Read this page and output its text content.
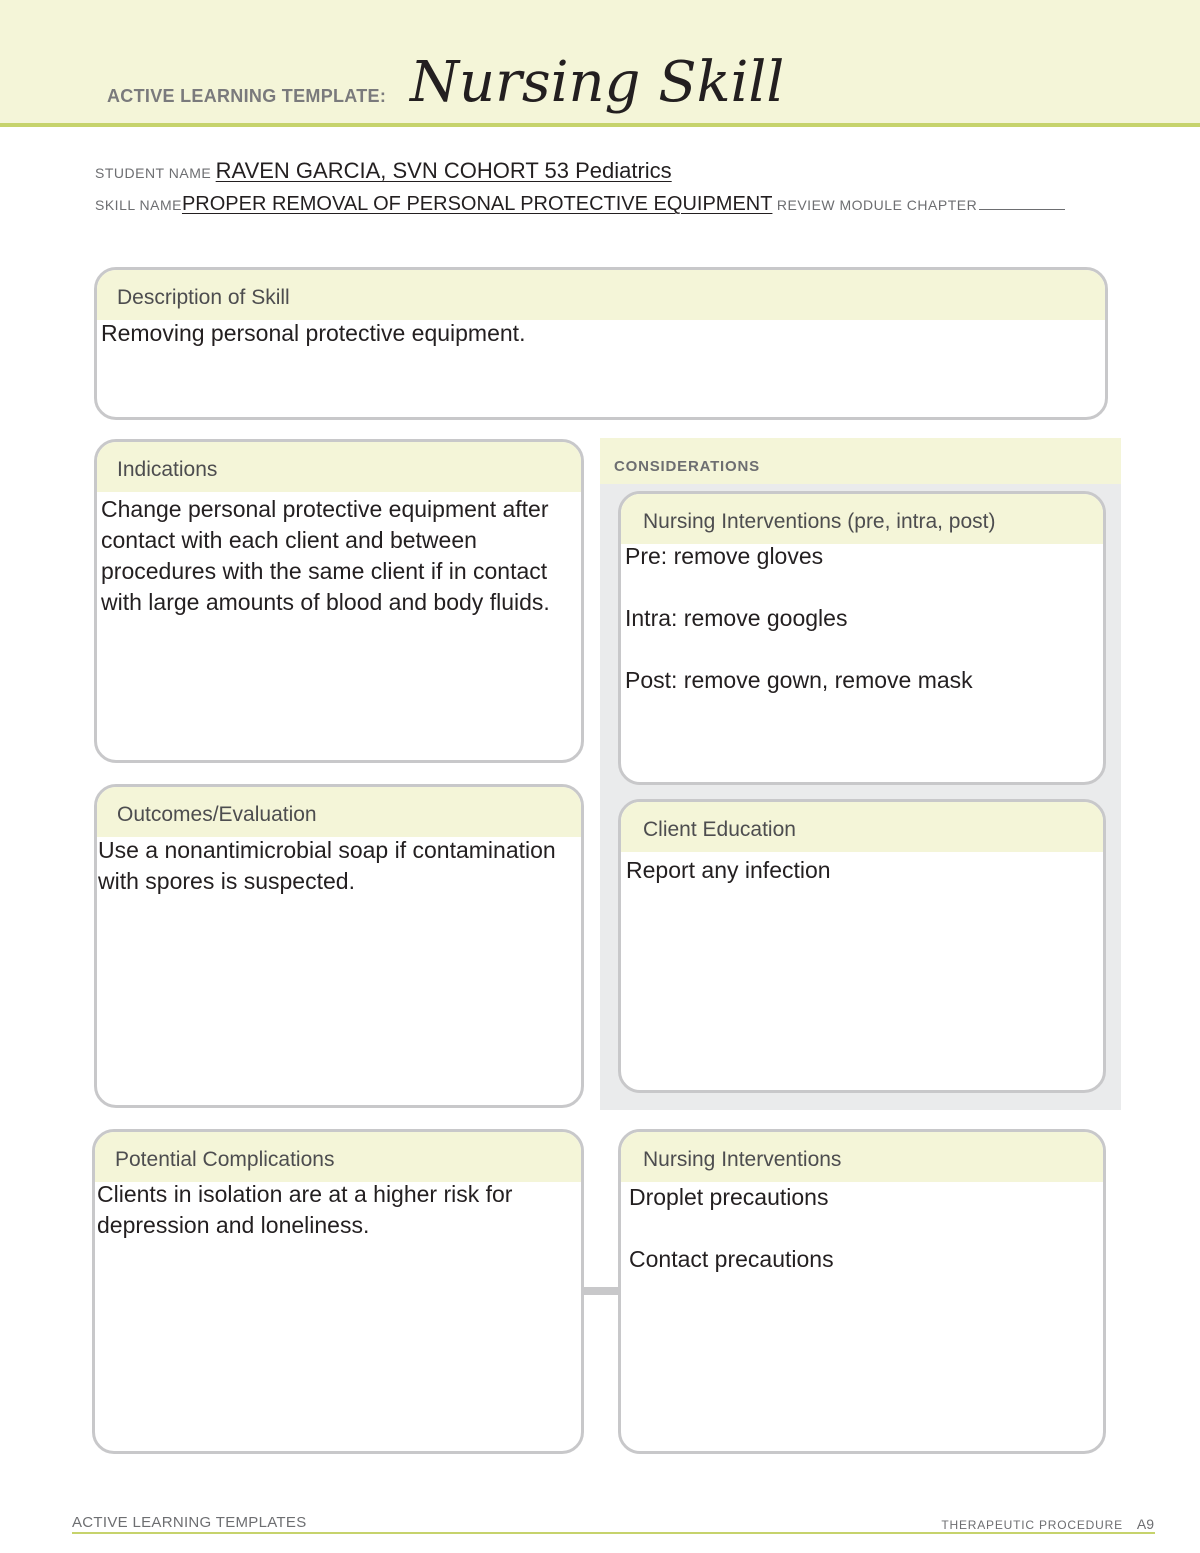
ACTIVE LEARNING TEMPLATE: Nursing Skill
STUDENT NAME RAVEN GARCIA, SVN COHORT 53 Pediatrics
SKILL NAMEPROPER REMOVAL OF PERSONAL PROTECTIVE EQUIPMENT REVIEW MODULE CHAPTER
Description of Skill
Removing personal protective equipment.
CONSIDERATIONS
Indications
Change personal protective equipment after contact with each client and between procedures with the same client if in contact with large amounts of blood and body fluids.
Nursing Interventions (pre, intra, post)
Pre: remove gloves

Intra: remove googles

Post: remove gown, remove mask
Outcomes/Evaluation
Use a nonantimicrobial soap if contamination with spores is suspected.
Client Education
Report any infection
Potential Complications
Clients in isolation are at a higher risk for depression and loneliness.
Nursing Interventions
Droplet precautions

Contact precautions
ACTIVE LEARNING TEMPLATES	THERAPEUTIC PROCEDURE A9
